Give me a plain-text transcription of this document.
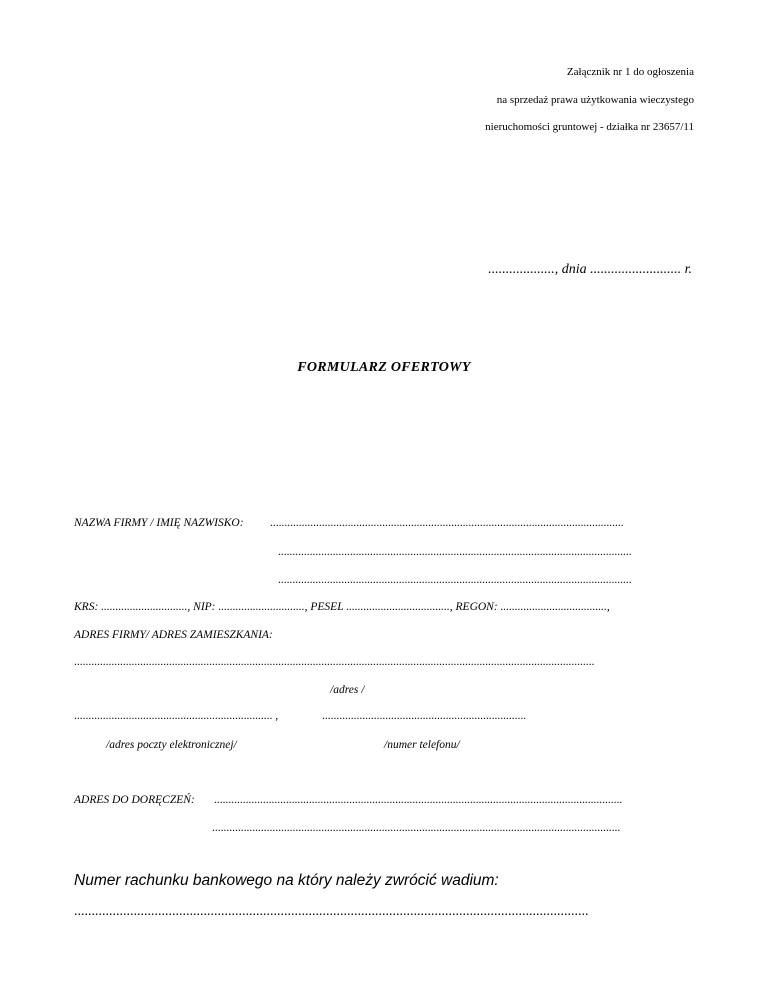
Załącznik nr 1 do ogłoszenia
na sprzedaż prawa użytkowania wieczystego
nieruchomości gruntowej - działka nr 23657/11
..................., dnia .......................... r.
FORMULARZ OFERTOWY
NAZWA FIRMY / IMIĘ NAZWISKO: ...........................................................................................................................
...........................................................................................................................
...........................................................................................................................
KRS: .............................., NIP: .............................., PESEL ...................................., REGON: .....................................,
ADRES FIRMY/ ADRES ZAMIESZKANIA:
.....................................................................................................................................................................................
/adres /
..................................................................... ,	.......................................................................
/adres poczty elektronicznej/	/numer telefonu/
ADRES DO DORĘCZEŃ: ..............................................................................................................................................
..............................................................................................................................................
Numer rachunku bankowego na który należy zwrócić wadium:
...................................................................................................................................................
